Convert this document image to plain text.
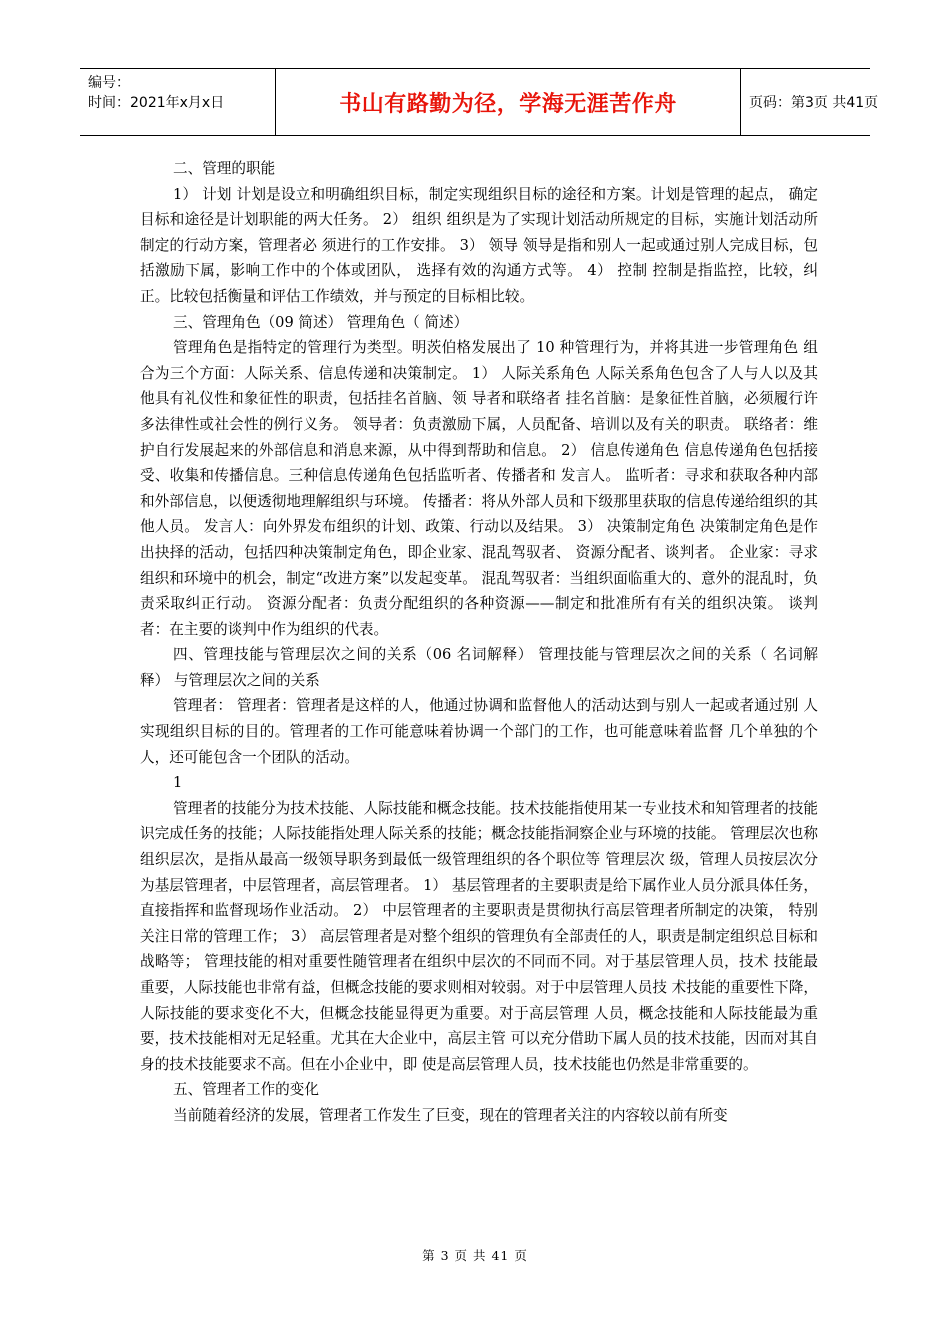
编号：
时间：2021年x月x日	书山有路勤为径，学海无涯苦作舟	页码：第3页 共41页

二、管理的职能

1） 计划 计划是设立和明确组织目标，制定实现组织目标的途径和方案。计划是管理的起点， 确定目标和途径是计划职能的两大任务。 2） 组织 组织是为了实现计划活动所规定的目标，实施计划活动所制定的行动方案，管理者必 须进行的工作安排。 3） 领导 领导是指和别人一起或通过别人完成目标，包括激励下属，影响工作中的个体或团队， 选择有效的沟通方式等。 4） 控制 控制是指监控，比较，纠正。比较包括衡量和评估工作绩效，并与预定的目标相比较。

三、管理角色（09 简述） 管理角色（ 简述）

管理角色是指特定的管理行为类型。明茨伯格发展出了 10 种管理行为，并将其进一步管理角色 组合为三个方面：人际关系、信息传递和决策制定。 1） 人际关系角色 人际关系角色包含了人与人以及其他具有礼仪性和象征性的职责，包括挂名首脑、领 导者和联络者 挂名首脑：是象征性首脑，必须履行许多法律性或社会性的例行义务。 领导者：负责激励下属，人员配备、培训以及有关的职责。 联络者：维护自行发展起来的外部信息和消息来源，从中得到帮助和信息。 2） 信息传递角色 信息传递角色包括接受、收集和传播信息。三种信息传递角色包括监听者、传播者和 发言人。 监听者：寻求和获取各种内部和外部信息，以便透彻地理解组织与环境。 传播者：将从外部人员和下级那里获取的信息传递给组织的其他人员。 发言人：向外界发布组织的计划、政策、行动以及结果。 3） 决策制定角色 决策制定角色是作出抉择的活动，包括四种决策制定角色，即企业家、混乱驾驭者、 资源分配者、谈判者。 企业家：寻求组织和环境中的机会，制定“改进方案”以发起变革。 混乱驾驭者：当组织面临重大的、意外的混乱时，负责采取纠正行动。 资源分配者：负责分配组织的各种资源——制定和批准所有有关的组织决策。 谈判者：在主要的谈判中作为组织的代表。

四、管理技能与管理层次之间的关系（06 名词解释） 管理技能与管理层次之间的关系（ 名词解释） 与管理层次之间的关系

管理者： 管理者：管理者是这样的人，他通过协调和监督他人的活动达到与别人一起或者通过别 人实现组织目标的目的。管理者的工作可能意味着协调一个部门的工作，也可能意味着监督 几个单独的个人，还可能包含一个团队的活动。

1

管理者的技能分为技术技能、人际技能和概念技能。技术技能指使用某一专业技术和知管理者的技能 识完成任务的技能；人际技能指处理人际关系的技能；概念技能指洞察企业与环境的技能。 管理层次也称组织层次，是指从最高一级领导职务到最低一级管理组织的各个职位等 管理层次 级，管理人员按层次分为基层管理者，中层管理者，高层管理者。 1） 基层管理者的主要职责是给下属作业人员分派具体任务， 直接指挥和监督现场作业活动。 2） 中层管理者的主要职责是贯彻执行高层管理者所制定的决策， 特别关注日常的管理工作； 3） 高层管理者是对整个组织的管理负有全部责任的人，职责是制定组织总目标和战略等； 管理技能的相对重要性随管理者在组织中层次的不同而不同。对于基层管理人员，技术 技能最重要，人际技能也非常有益，但概念技能的要求则相对较弱。对于中层管理人员技 术技能的重要性下降，人际技能的要求变化不大，但概念技能显得更为重要。对于高层管理 人员，概念技能和人际技能最为重要，技术技能相对无足轻重。尤其在大企业中，高层主管 可以充分借助下属人员的技术技能，因而对其自身的技术技能要求不高。但在小企业中，即 使是高层管理人员，技术技能也仍然是非常重要的。

五、管理者工作的变化

当前随着经济的发展，管理者工作发生了巨变，现在的管理者关注的内容较以前有所变

第 3 页 共 41 页
